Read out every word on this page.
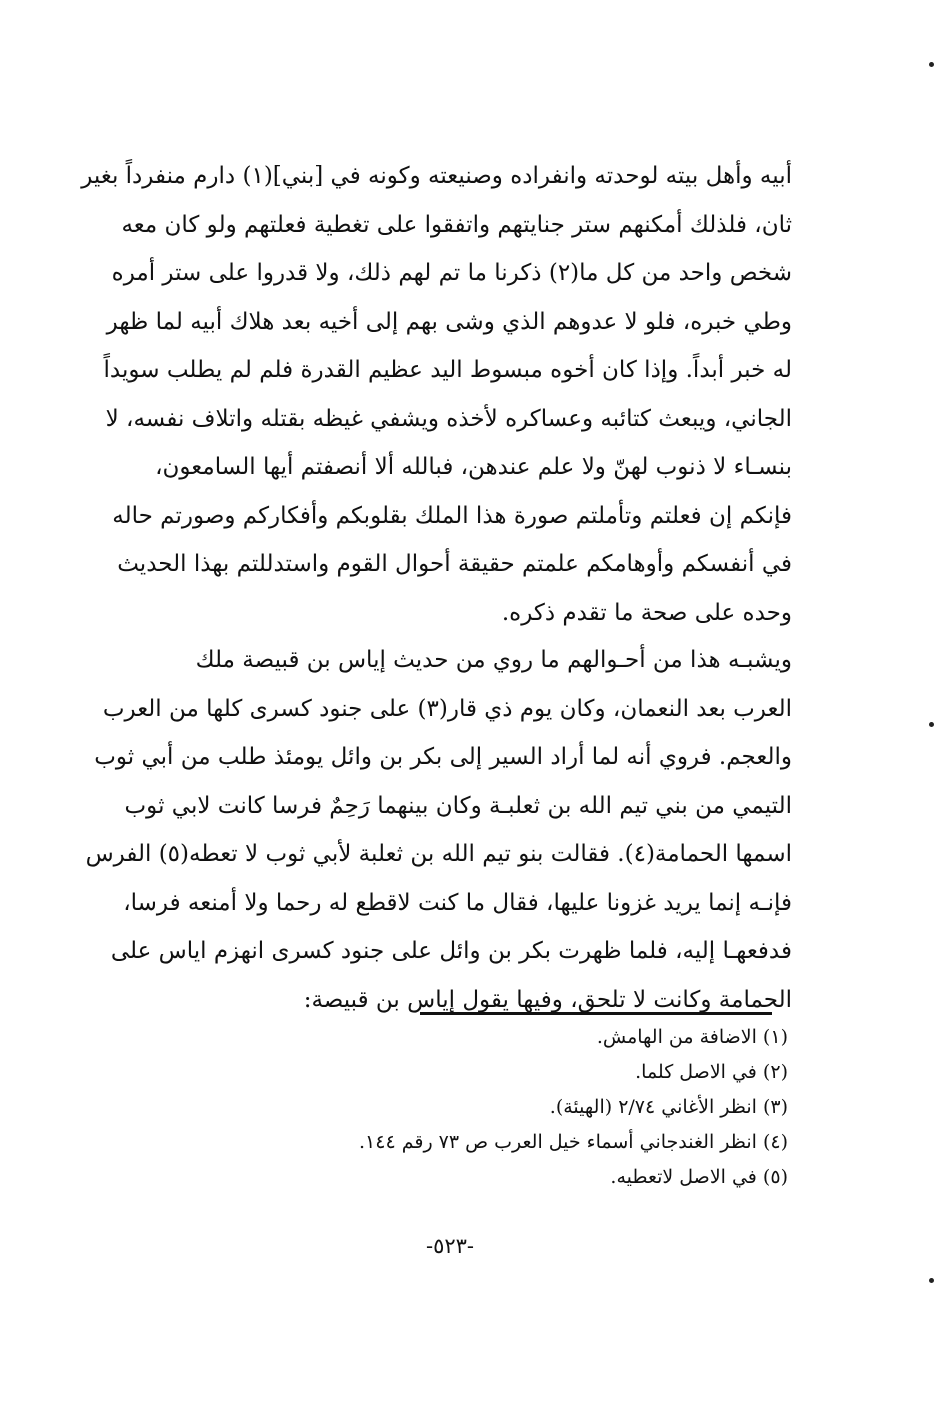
أبيه وأهل بيته لوحدته وانفراده وصنيعته وكونه في [بني](١) دارم منفرداً بغير
ثان، فلذلك أمكنهم ستر جنايتهم واتفقوا على تغطية فعلتهم ولو كان معه
شخص واحد من كل ما(٢) ذكرنا ما تم لهم ذلك، ولا قدروا على ستر أمره
وطي خبره، فلو لا عدوهم الذي وشى بهم إلى أخيه بعد هلاك أبيه لما ظهر
له خبر أبداً. وإذا كان أخوه مبسوط اليد عظيم القدرة فلم لم يطلب سويداً
الجاني، ويبعث كتائبه وعساكره لأخذه ويشفي غيظه بقتله واتلاف نفسه، لا
بنسـاء لا ذنوب لهنّ ولا علم عندهن، فبالله ألا أنصفتم أيها السامعون،
فإنكم إن فعلتم وتأملتم صورة هذا الملك بقلوبكم وأفكاركم وصورتم حاله
في أنفسكم وأوهامكم علمتم حقيقة أحوال القوم واستدللتم بهذا الحديث
وحده على صحة ما تقدم ذكره.
ويشبـه هذا من أحـوالهم ما روي من حديث إياس بن قبيصة ملك
العرب بعد النعمان، وكان يوم ذي قار(٣) على جنود كسرى كلها من العرب
والعجم. فروي أنه لما أراد السير إلى بكر بن وائل يومئذ طلب من أبي ثوب
التيمي من بني تيم الله بن ثعلبـة وكان بينهما رَحِمٌ فرسا كانت لابي ثوب
اسمها الحمامة(٤). فقالت بنو تيم الله بن ثعلبة لأبي ثوب لا تعطه(٥) الفرس
فإنـه إنما يريد غزونا عليها، فقال ما كنت لاقطع له رحما ولا أمنعه فرسا،
فدفعهـا إليه، فلما ظهرت بكر بن وائل على جنود كسرى انهزم اياس على
الحمامة وكانت لا تلحق، وفيها يقول إياس بن قبيصة:
(١) الاضافة من الهامش.
(٢) في الاصل كلما.
(٣) انظر الأغاني ٢/٧٤ (الهيئة).
(٤) انظر الغندجاني أسماء خيل العرب ص ٧٣ رقم ١٤٤.
(٥) في الاصل لاتعطيه.
-٥٢٣-
